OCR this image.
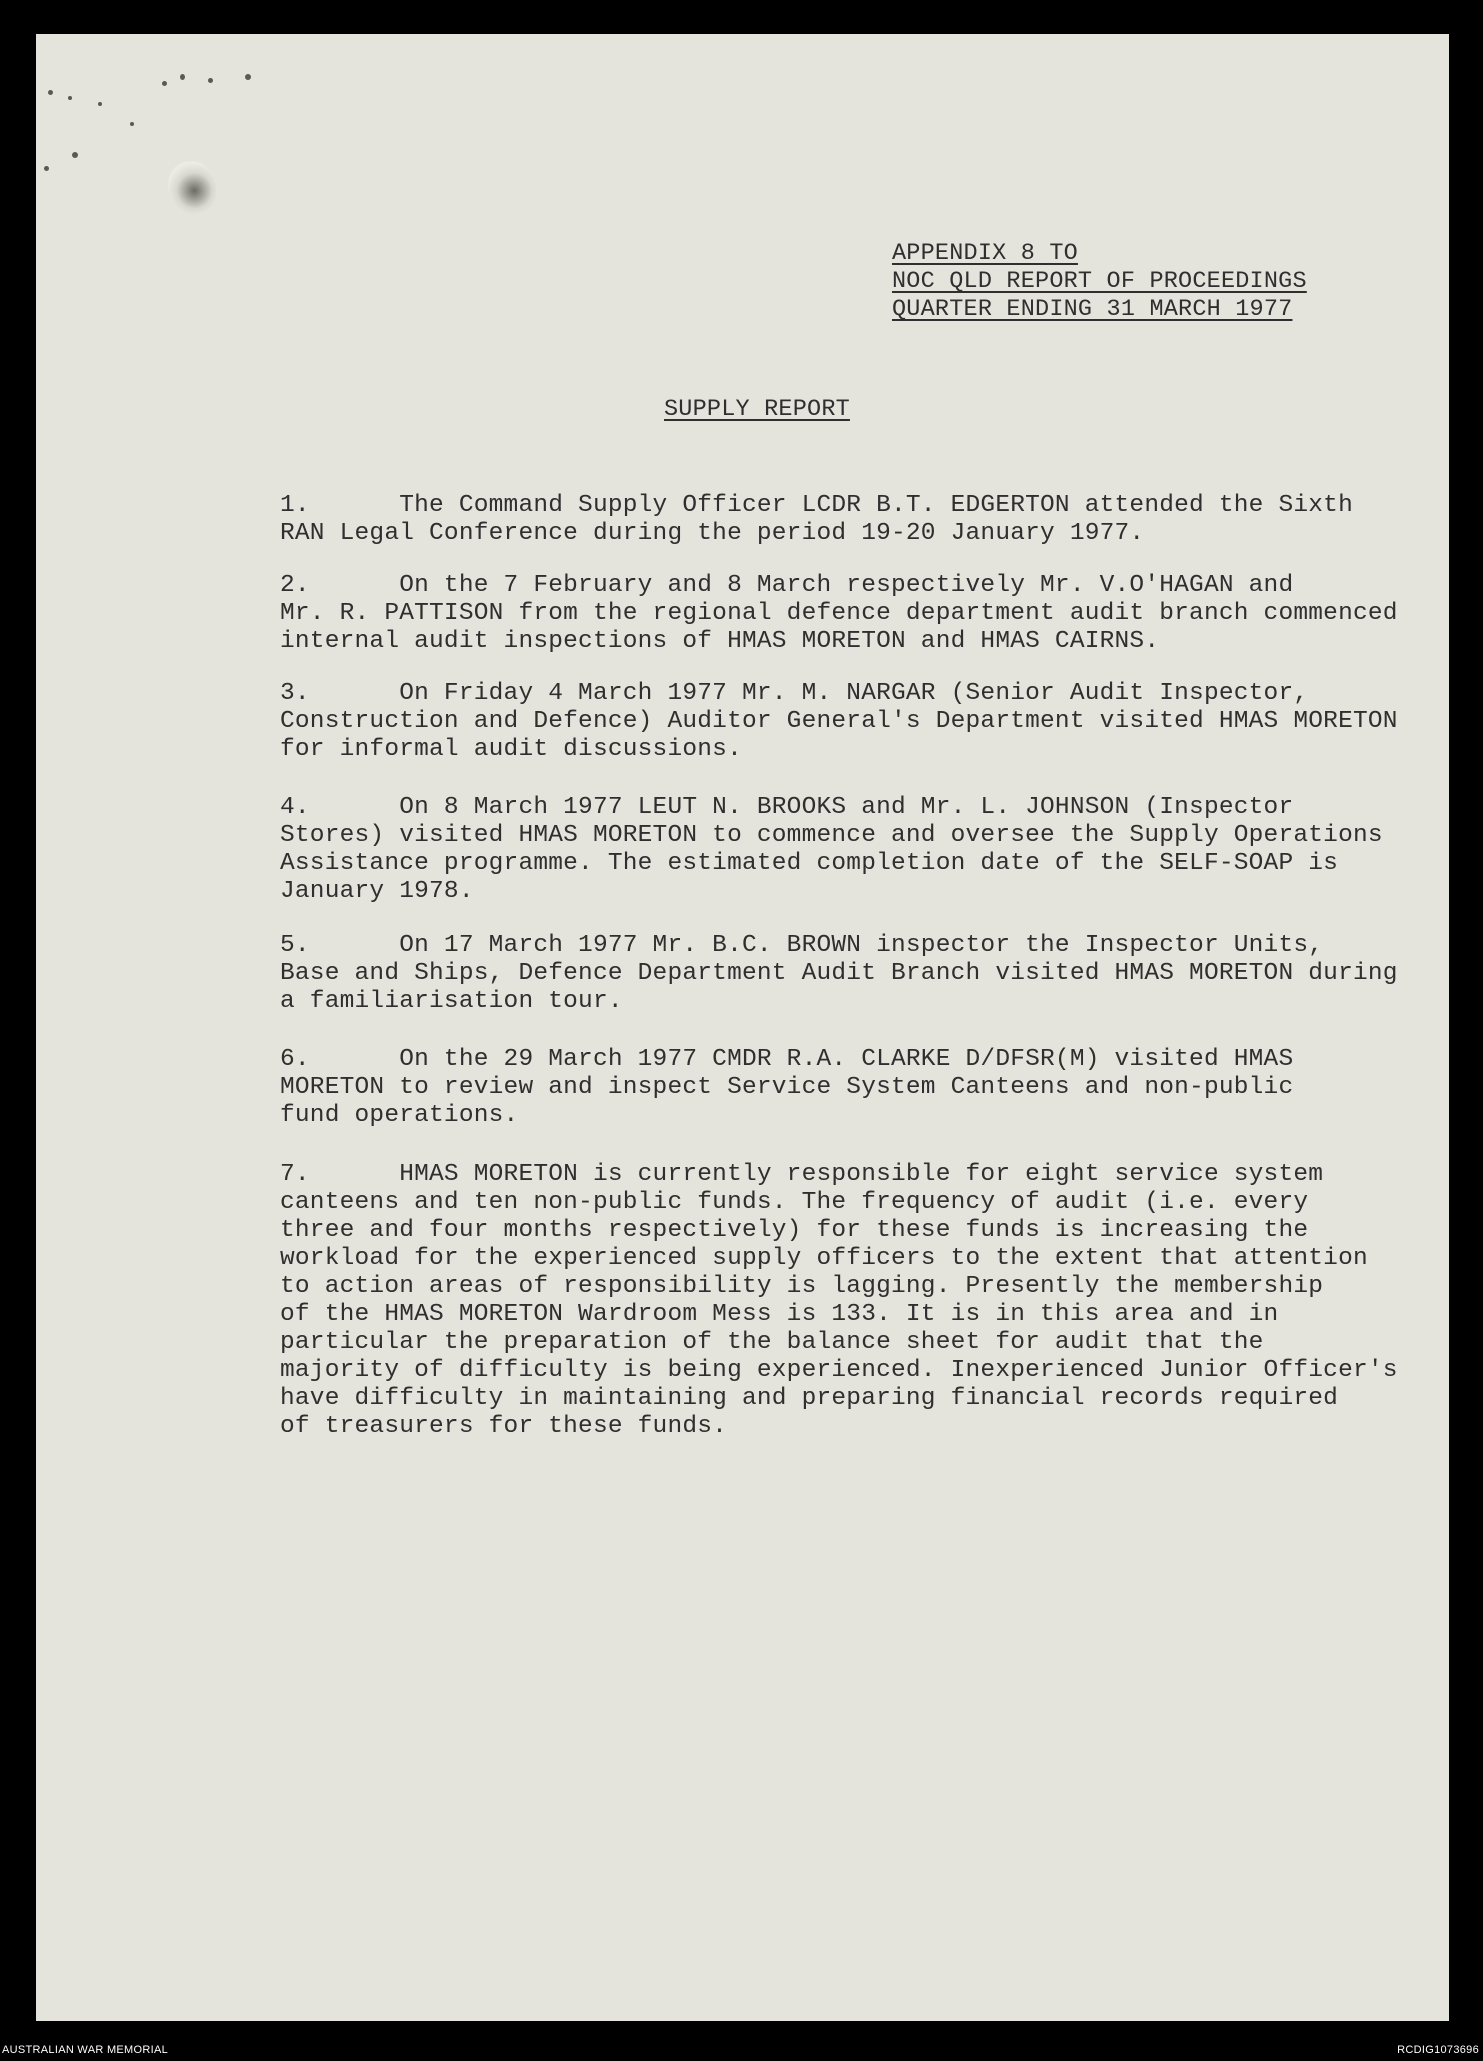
APPENDIX 8 TO
NOC QLD REPORT OF PROCEEDINGS
QUARTER ENDING 31 MARCH 1977
SUPPLY REPORT
1.      The Command Supply Officer LCDR B.T. EDGERTON attended the Sixth
RAN Legal Conference during the period 19-20 January 1977.
2.      On the 7 February and 8 March respectively Mr. V.O'HAGAN and
Mr. R. PATTISON from the regional defence department audit branch commenced
internal audit inspections of HMAS MORETON and HMAS CAIRNS.
3.      On Friday 4 March 1977 Mr. M. NARGAR (Senior Audit Inspector,
Construction and Defence) Auditor General's Department visited HMAS MORETON
for informal audit discussions.
4.      On 8 March 1977 LEUT N. BROOKS and Mr. L. JOHNSON (Inspector
Stores) visited HMAS MORETON to commence and oversee the Supply Operations
Assistance programme. The estimated completion date of the SELF-SOAP is
January 1978.
5.      On 17 March 1977 Mr. B.C. BROWN inspector the Inspector Units,
Base and Ships, Defence Department Audit Branch visited HMAS MORETON during
a familiarisation tour.
6.      On the 29 March 1977 CMDR R.A. CLARKE D/DFSR(M) visited HMAS
MORETON to review and inspect Service System Canteens and non-public
fund operations.
7.      HMAS MORETON is currently responsible for eight service system
canteens and ten non-public funds. The frequency of audit (i.e. every
three and four months respectively) for these funds is increasing the
workload for the experienced supply officers to the extent that attention
to action areas of responsibility is lagging. Presently the membership
of the HMAS MORETON Wardroom Mess is 133. It is in this area and in
particular the preparation of the balance sheet for audit that the
majority of difficulty is being experienced. Inexperienced Junior Officer's
have difficulty in maintaining and preparing financial records required
of treasurers for these funds.
AUSTRALIAN WAR MEMORIAL	RCDIG1073696
